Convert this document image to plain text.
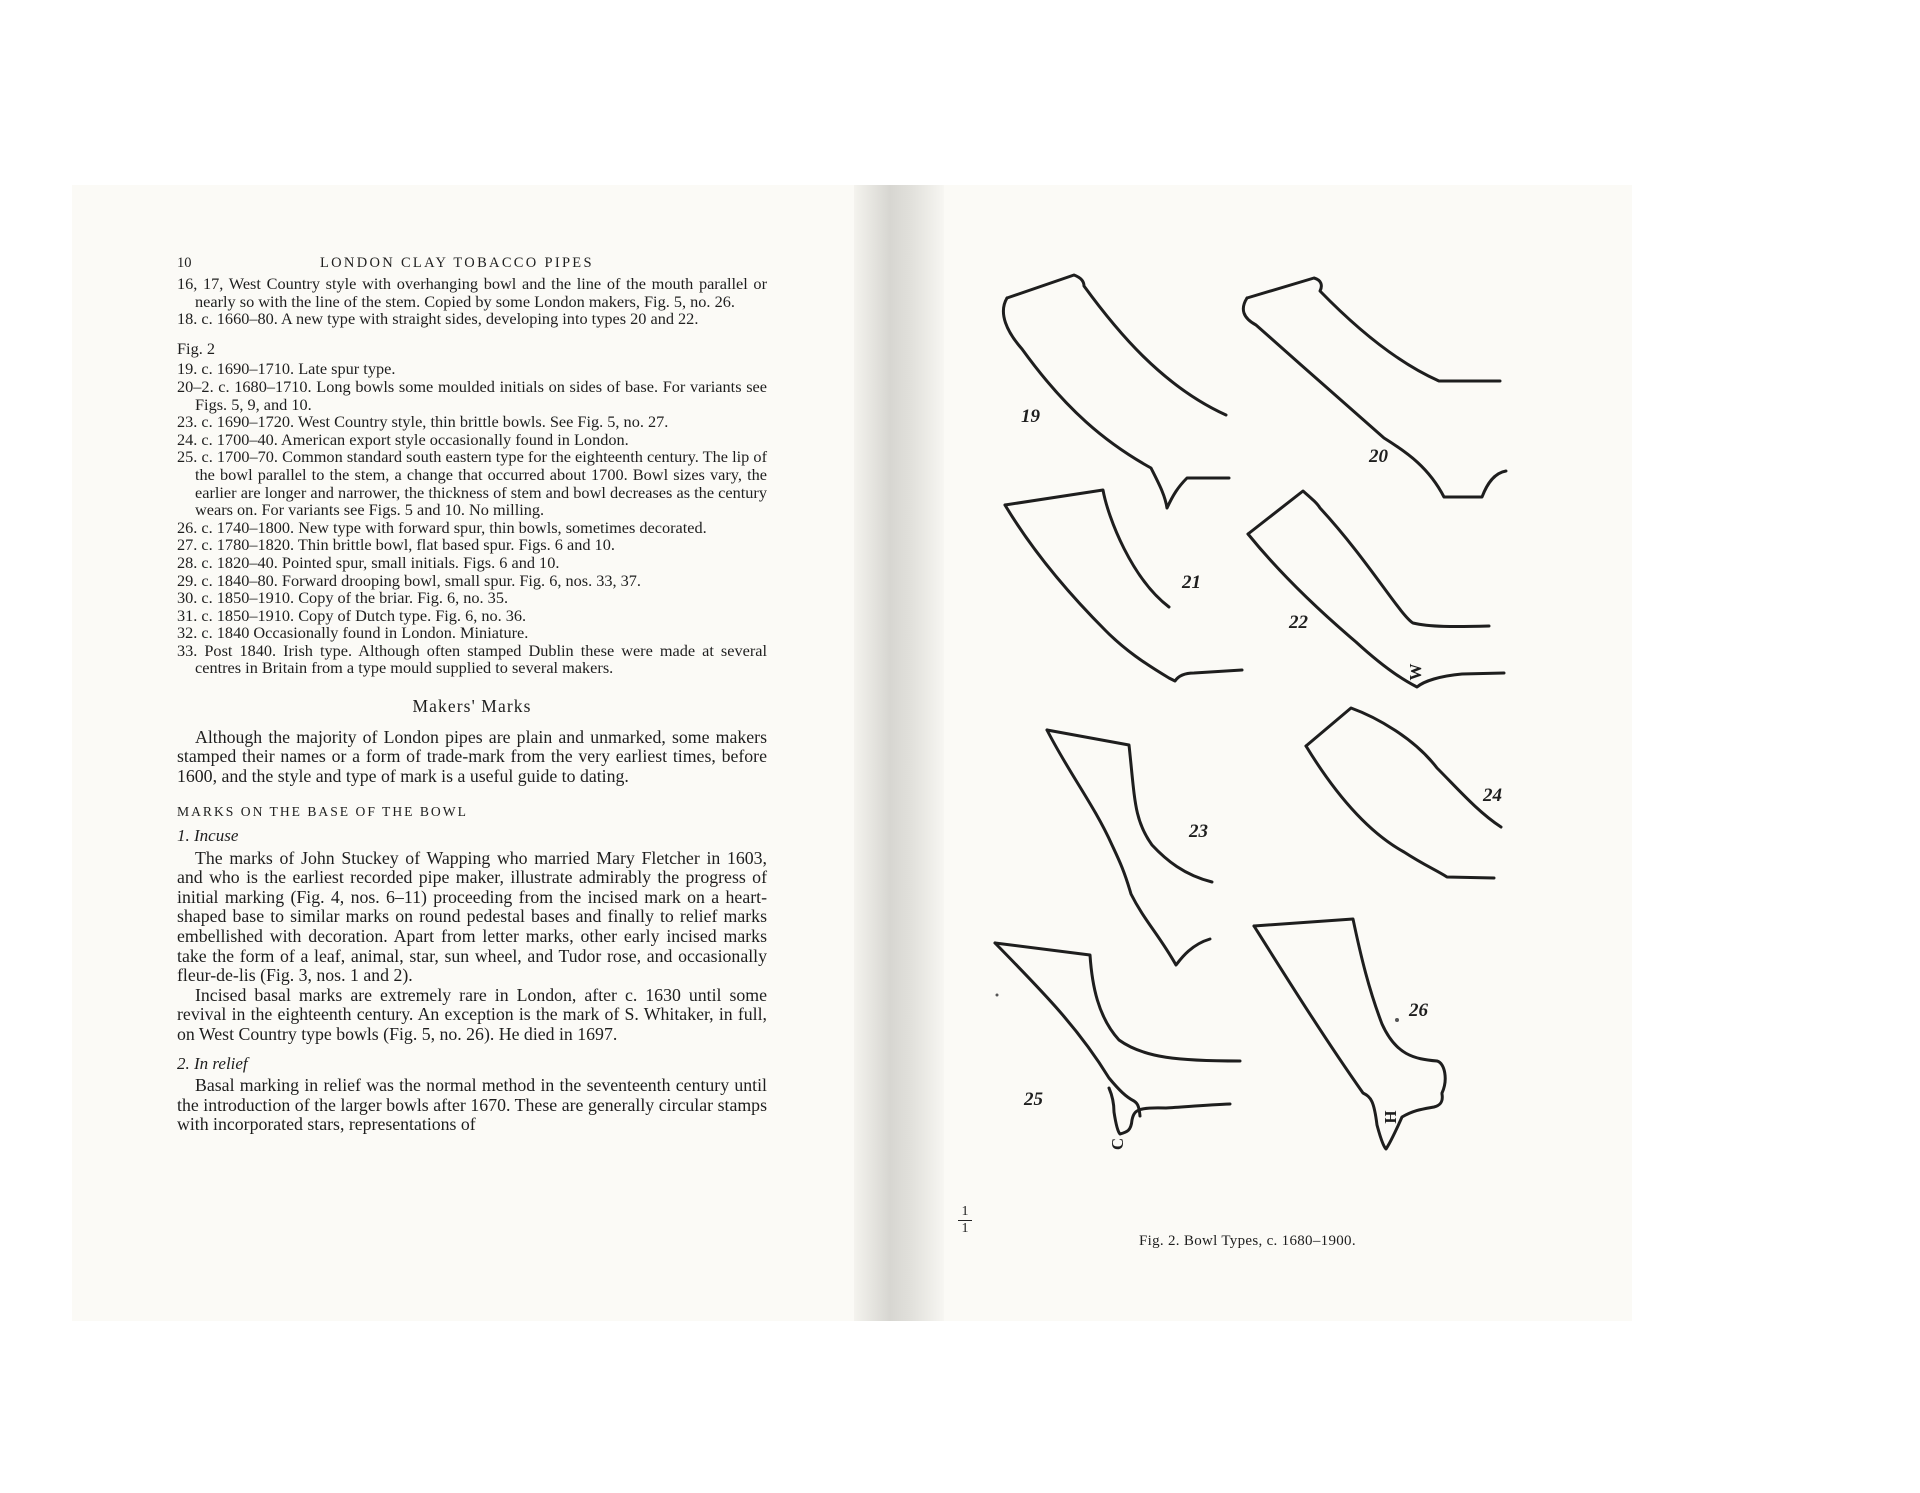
10	LONDON CLAY TOBACCO PIPES

16, 17, West Country style with overhanging bowl and the line of the mouth parallel or nearly so with the line of the stem. Copied by some London makers, Fig. 5, no. 26.

18. c. 1660–80. A new type with straight sides, developing into types 20 and 22.

Fig. 2

19. c. 1690–1710. Late spur type.

20–2. c. 1680–1710. Long bowls some moulded initials on sides of base. For variants see Figs. 5, 9, and 10.

23. c. 1690–1720. West Country style, thin brittle bowls. See Fig. 5, no. 27.

24. c. 1700–40. American export style occasionally found in London.

25. c. 1700–70. Common standard south eastern type for the eighteenth century. The lip of the bowl parallel to the stem, a change that occurred about 1700. Bowl sizes vary, the earlier are longer and narrower, the thickness of stem and bowl decreases as the century wears on. For variants see Figs. 5 and 10. No milling.

26. c. 1740–1800. New type with forward spur, thin bowls, sometimes decorated.

27. c. 1780–1820. Thin brittle bowl, flat based spur. Figs. 6 and 10.

28. c. 1820–40. Pointed spur, small initials. Figs. 6 and 10.

29. c. 1840–80. Forward drooping bowl, small spur. Fig. 6, nos. 33, 37.

30. c. 1850–1910. Copy of the briar. Fig. 6, no. 35.

31. c. 1850–1910. Copy of Dutch type. Fig. 6, no. 36.

32. c. 1840 Occasionally found in London. Miniature.

33. Post 1840. Irish type. Although often stamped Dublin these were made at several centres in Britain from a type mould supplied to several makers.

Makers' Marks

Although the majority of London pipes are plain and unmarked, some makers stamped their names or a form of trade-mark from the very earliest times, before 1600, and the style and type of mark is a useful guide to dating.

MARKS ON THE BASE OF THE BOWL

1. Incuse

The marks of John Stuckey of Wapping who married Mary Fletcher in 1603, and who is the earliest recorded pipe maker, illustrate admirably the progress of initial marking (Fig. 4, nos. 6–11) proceeding from the incised mark on a heart-shaped base to similar marks on round pedestal bases and finally to relief marks embellished with decoration. Apart from letter marks, other early incised marks take the form of a leaf, animal, star, sun wheel, and Tudor rose, and occasionally fleur-de-lis (Fig. 3, nos. 1 and 2).

Incised basal marks are extremely rare in London, after c. 1630 until some revival in the eighteenth century. An exception is the mark of S. Whitaker, in full, on West Country type bowls (Fig. 5, no. 26). He died in 1697.

2. In relief

Basal marking in relief was the normal method in the seventeenth century until the introduction of the larger bowls after 1670. These are generally circular stamps with incorporated stars, representations of

19
20
21
22
23
24
25
26
W
C
H
1
1
Fig. 2. Bowl Types, c. 1680–1900.
